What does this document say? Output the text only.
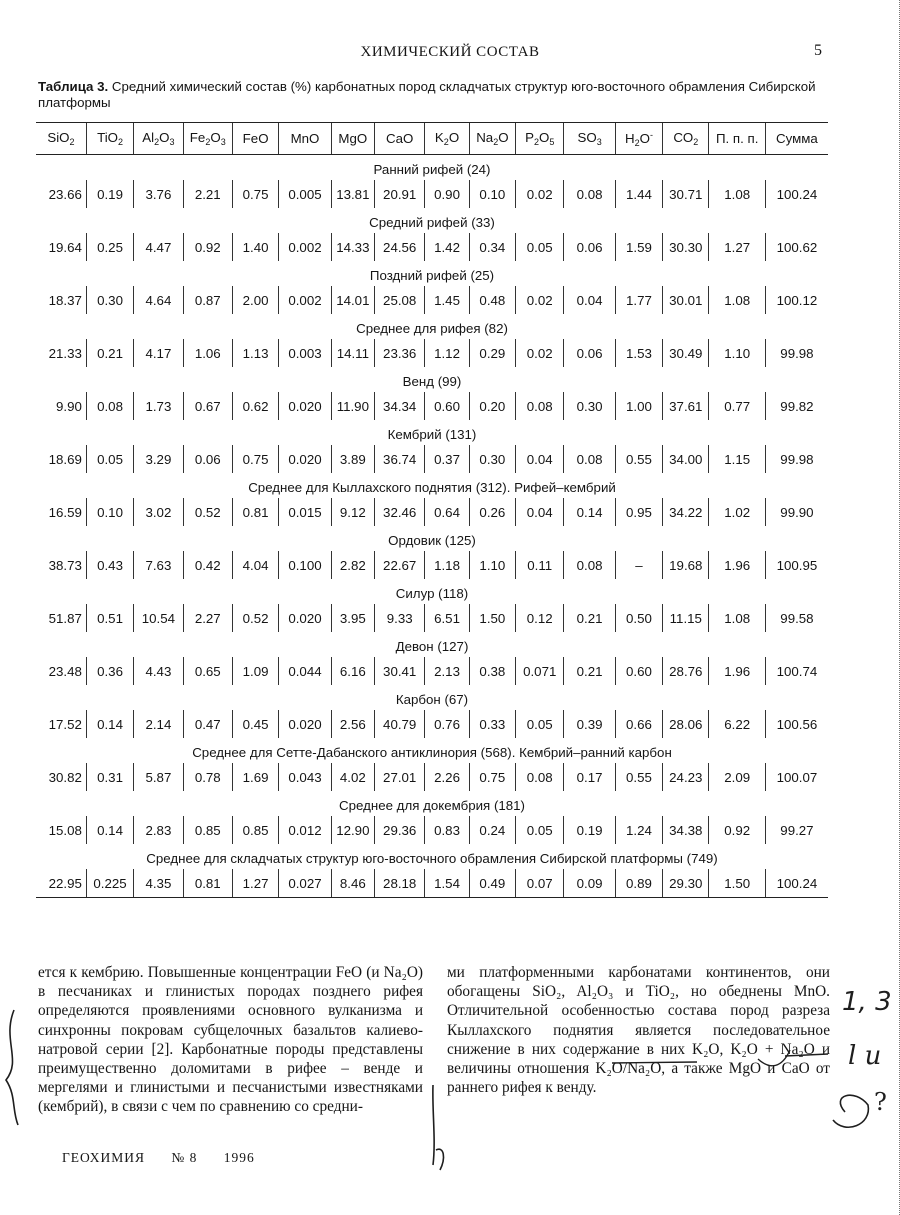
ХИМИЧЕСКИЙ СОСТАВ	5
Таблица 3. Средний химический состав (%) карбонатных пород складчатых структур юго-восточного обрамления Сибирской платформы
SiO$_2$	TiO$_2$	$Al_2O_3$	$Fe_2O_3$	FeO	MnO	MgO	CaO	$K_2O$	$Na_2O$	$P_2O_5$	$SO_3$	$H_2O^-$	$CO_2$	П. п. п.	Сумма
Ранний рифей (24)															
23.66	0.19	3.76	2.21	0.75	0.005	13.81	20.91	0.90	0.10	0.02	0.08	1.44	30.71	1.08	100.24
Средний рифей (33)															
19.64	0.25	4.47	0.92	1.40	0.002	14.33	24.56	1.42	0.34	0.05	0.06	1.59	30.30	1.27	100.62
Поздний рифей (25)															
18.37	0.30	4.64	0.87	2.00	0.002	14.01	25.08	1.45	0.48	0.02	0.04	1.77	30.01	1.08	100.12
Среднее для рифея (82)															
21.33	0.21	4.17	1.06	1.13	0.003	14.11	23.36	1.12	0.29	0.02	0.06	1.53	30.49	1.10	99.98
Венд (99)															
9.90	0.08	1.73	0.67	0.62	0.020	11.90	34.34	0.60	0.20	0.08	0.30	1.00	37.61	0.77	99.82
Кембрий (131)															
18.69	0.05	3.29	0.06	0.75	0.020	3.89	36.74	0.37	0.30	0.04	0.08	0.55	34.00	1.15	99.98
Среднее для Кыллахского поднятия (312). Рифей–кембрий															
16.59	0.10	3.02	0.52	0.81	0.015	9.12	32.46	0.64	0.26	0.04	0.14	0.95	34.22	1.02	99.90
Ордовик (125)															
38.73	0.43	7.63	0.42	4.04	0.100	2.82	22.67	1.18	1.10	0.11	0.08	–	19.68	1.96	100.95
Силур (118)															
51.87	0.51	10.54	2.27	0.52	0.020	3.95	9.33	6.51	1.50	0.12	0.21	0.50	11.15	1.08	99.58
Девон (127)															
23.48	0.36	4.43	0.65	1.09	0.044	6.16	30.41	2.13	0.38	0.071	0.21	0.60	28.76	1.96	100.74
Карбон (67)															
17.52	0.14	2.14	0.47	0.45	0.020	2.56	40.79	0.76	0.33	0.05	0.39	0.66	28.06	6.22	100.56
Среднее для Сетте-Дабанского антиклинория (568). Кембрий–ранний карбон															
30.82	0.31	5.87	0.78	1.69	0.043	4.02	27.01	2.26	0.75	0.08	0.17	0.55	24.23	2.09	100.07
Среднее для докембрия (181)															
15.08	0.14	2.83	0.85	0.85	0.012	12.90	29.36	0.83	0.24	0.05	0.19	1.24	34.38	0.92	99.27
Среднее для складчатых структур юго-восточного обрамления Сибирской платформы (749)															
22.95	0.225	4.35	0.81	1.27	0.027	8.46	28.18	1.54	0.49	0.07	0.09	0.89	29.30	1.50	100.24

ется к кембрию. Повышенные концентрации FeO (и Na₂O) в песчаниках и глинистых породах позднего рифея определяются проявлениями основного вулканизма и синхронны покровам субщелочных базальтов калиево-натровой серии [2]. Карбонатные породы представлены преимущественно доломитами в рифее – венде и мергелями и глинистыми и песчанистыми известняками (кембрий), в связи с чем по сравнению со средни-

ми платформенными карбонатами континентов, они обогащены SiO₂, Al₂O₃ и TiO₂, но обеднены MnO. Отличительной особенностью состава пород разреза Кыллахского поднятия является последовательное снижение в них содержание в них K₂O, K₂O + Na₂O и величины отношения K₂O/Na₂O, а также MgO и CaO от раннего рифея к венду.

ГЕОХИМИЯ № 8 1996
1, 3
l u
?
